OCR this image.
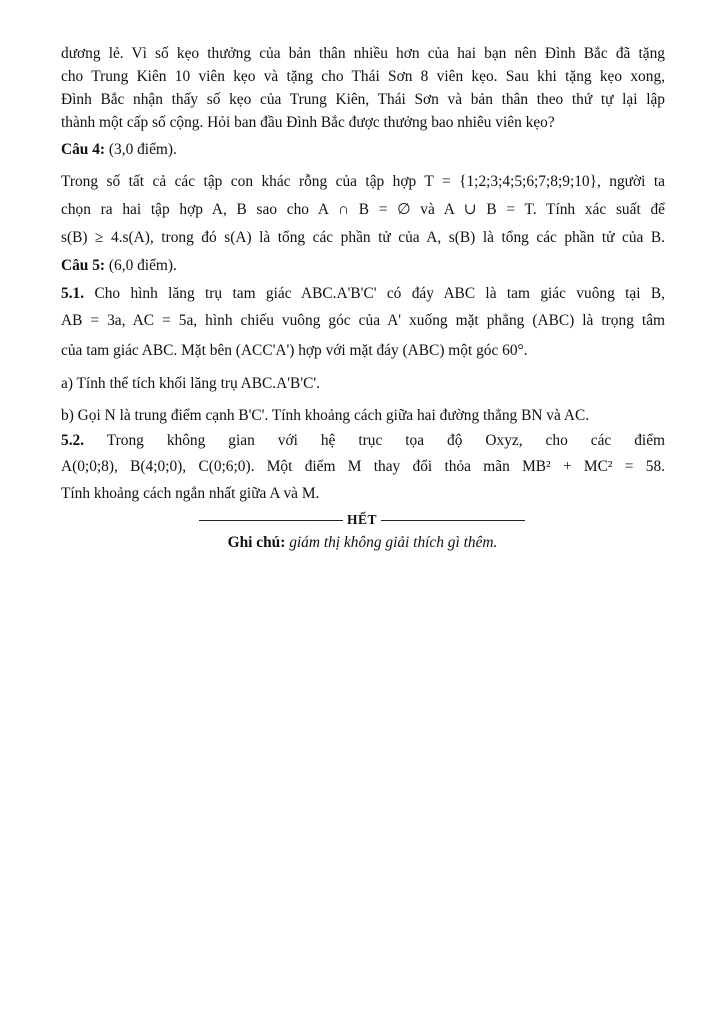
dương lẻ. Vì số kẹo thưởng của bản thân nhiều hơn của hai bạn nên Đình Bắc đã tặng
cho Trung Kiên 10 viên kẹo và tặng cho Thái Sơn 8 viên kẹo. Sau khi tặng kẹo xong,
Đình Bắc nhận thấy số kẹo của Trung Kiên, Thái Sơn và bản thân theo thứ tự lại lập
thành một cấp số cộng. Hỏi ban đầu Đình Bắc được thưởng bao nhiêu viên kẹo?
Câu 4: (3,0 điểm).
Trong số tất cả các tập con khác rỗng của tập hợp T = {1;2;3;4;5;6;7;8;9;10}, người ta
chọn ra hai tập hợp A, B sao cho A ∩ B = ∅ và A ∪ B = T. Tính xác suất để
s(B) ≥ 4.s(A), trong đó s(A) là tổng các phần tử của A, s(B) là tổng các phần tử của B.
Câu 5: (6,0 điểm).
5.1. Cho hình lăng trụ tam giác ABC.A'B'C' có đáy ABC là tam giác vuông tại B,
AB = 3a, AC = 5a, hình chiếu vuông góc của A' xuống mặt phẳng (ABC) là trọng tâm
của tam giác ABC. Mặt bên (ACC'A') hợp với mặt đáy (ABC) một góc 60°.
a) Tính thể tích khối lăng trụ ABC.A'B'C'.
b) Gọi N là trung điểm cạnh B'C'. Tính khoảng cách giữa hai đường thẳng BN và AC.
5.2. Trong không gian với hệ trục tọa độ Oxyz, cho các điểm
A(0;0;8), B(4;0;0), C(0;6;0). Một điểm M thay đổi thỏa mãn MB² + MC² = 58.
Tính khoảng cách ngắn nhất giữa A và M.
HẾT
Ghi chú: giám thị không giải thích gì thêm.
